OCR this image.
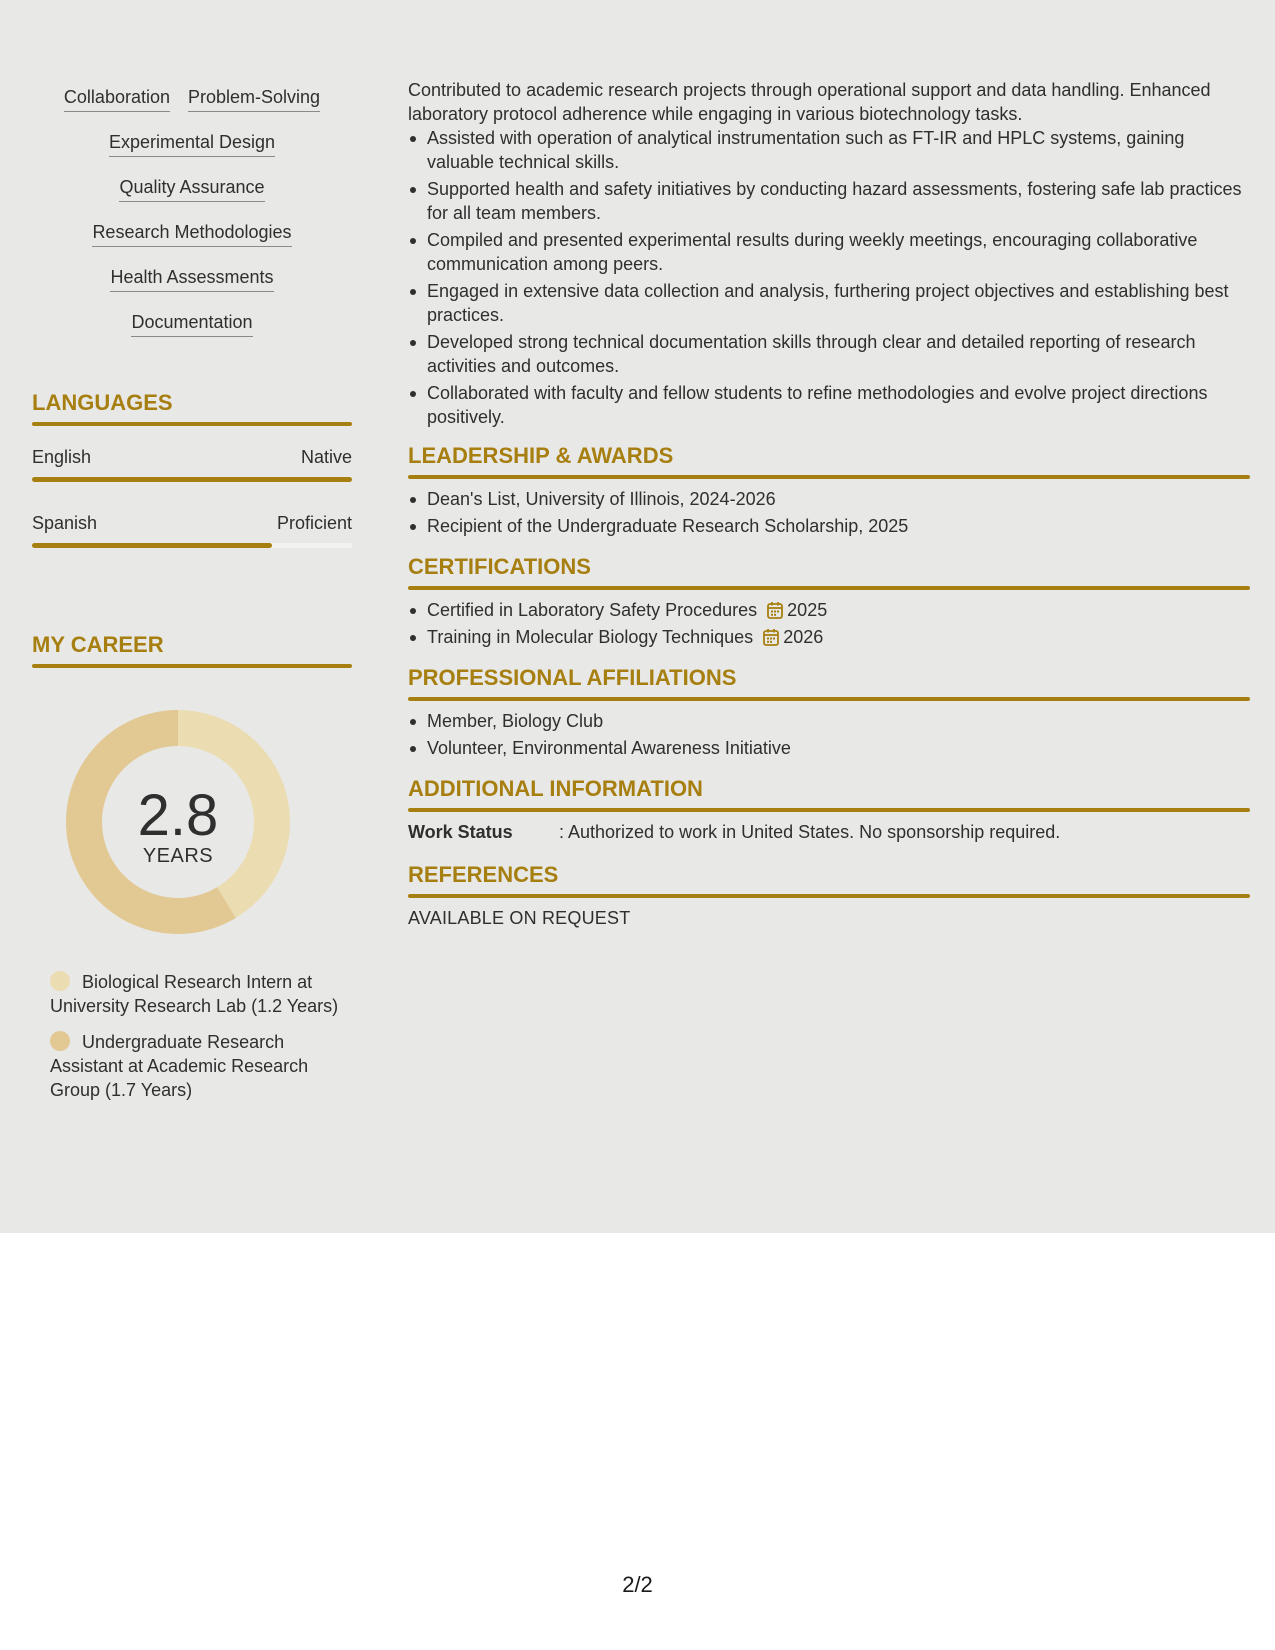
Collaboration Problem-Solving
Experimental Design
Quality Assurance
Research Methodologies
Health Assessments
Documentation
LANGUAGES
English	Native
Spanish	Proficient
MY CAREER
2.8
YEARS
Biological Research Intern at University Research Lab (1.2 Years)
Undergraduate Research Assistant at Academic Research Group (1.7 Years)
Contributed to academic research projects through operational support and data handling. Enhanced laboratory protocol adherence while engaging in various biotechnology tasks.
Assisted with operation of analytical instrumentation such as FT-IR and HPLC systems, gaining valuable technical skills.
Supported health and safety initiatives by conducting hazard assessments, fostering safe lab practices for all team members.
Compiled and presented experimental results during weekly meetings, encouraging collaborative communication among peers.
Engaged in extensive data collection and analysis, furthering project objectives and establishing best practices.
Developed strong technical documentation skills through clear and detailed reporting of research activities and outcomes.
Collaborated with faculty and fellow students to refine methodologies and evolve project directions positively.
LEADERSHIP & AWARDS
Dean's List, University of Illinois, 2024-2026
Recipient of the Undergraduate Research Scholarship, 2025
CERTIFICATIONS
Certified in Laboratory Safety Procedures 2025
Training in Molecular Biology Techniques 2026
PROFESSIONAL AFFILIATIONS
Member, Biology Club
Volunteer, Environmental Awareness Initiative
ADDITIONAL INFORMATION
Work Status	: Authorized to work in United States. No sponsorship required.
REFERENCES
AVAILABLE ON REQUEST
2/2
